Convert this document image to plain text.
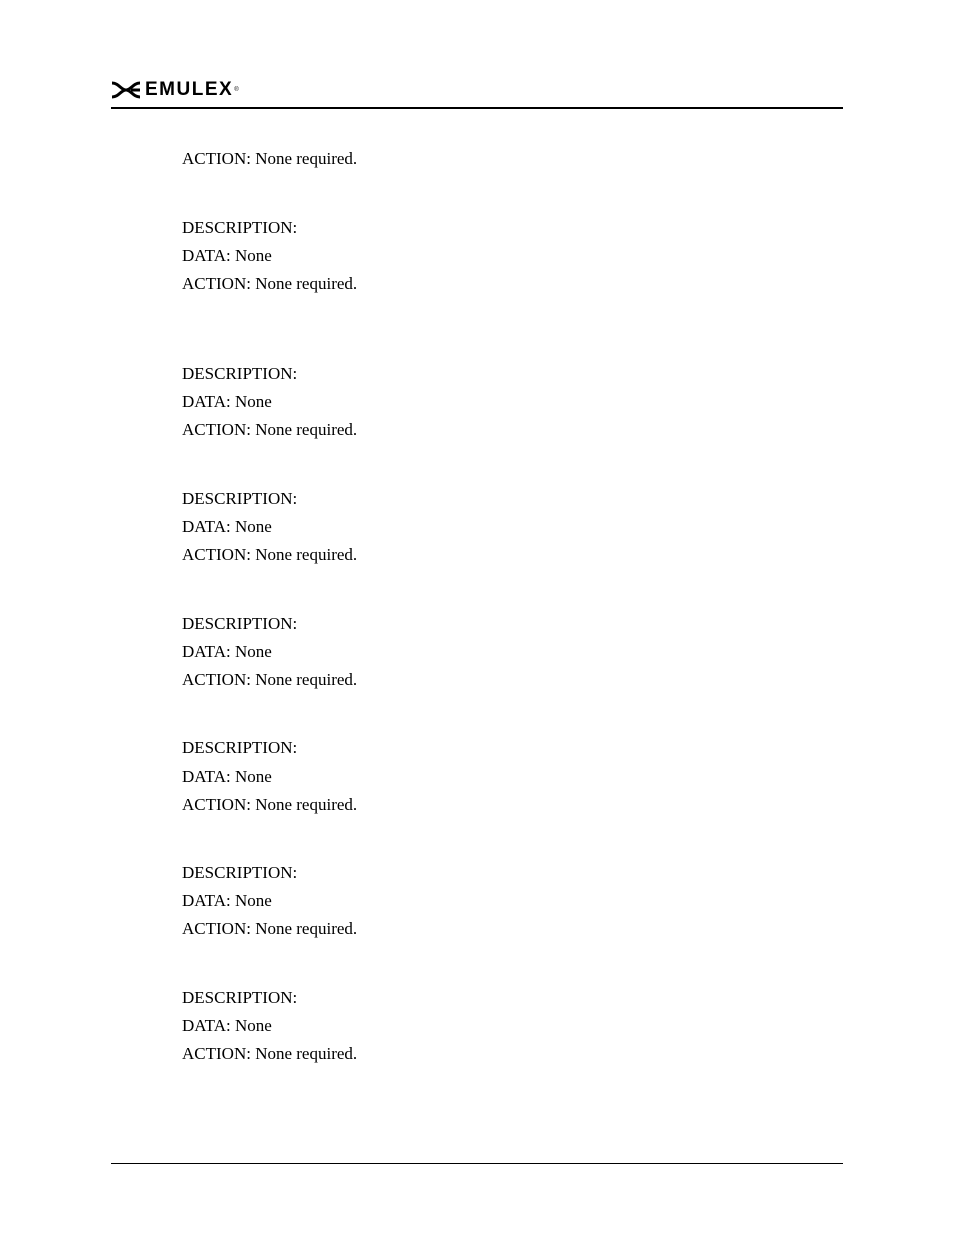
EMULEX ®
ACTION: None required.
DESCRIPTION:
DATA: None
ACTION: None required.
DESCRIPTION:
DATA: None
ACTION: None required.
DESCRIPTION:
DATA: None
ACTION: None required.
DESCRIPTION:
DATA: None
ACTION: None required.
DESCRIPTION:
DATA: None
ACTION: None required.
DESCRIPTION:
DATA: None
ACTION: None required.
DESCRIPTION:
DATA: None
ACTION: None required.
